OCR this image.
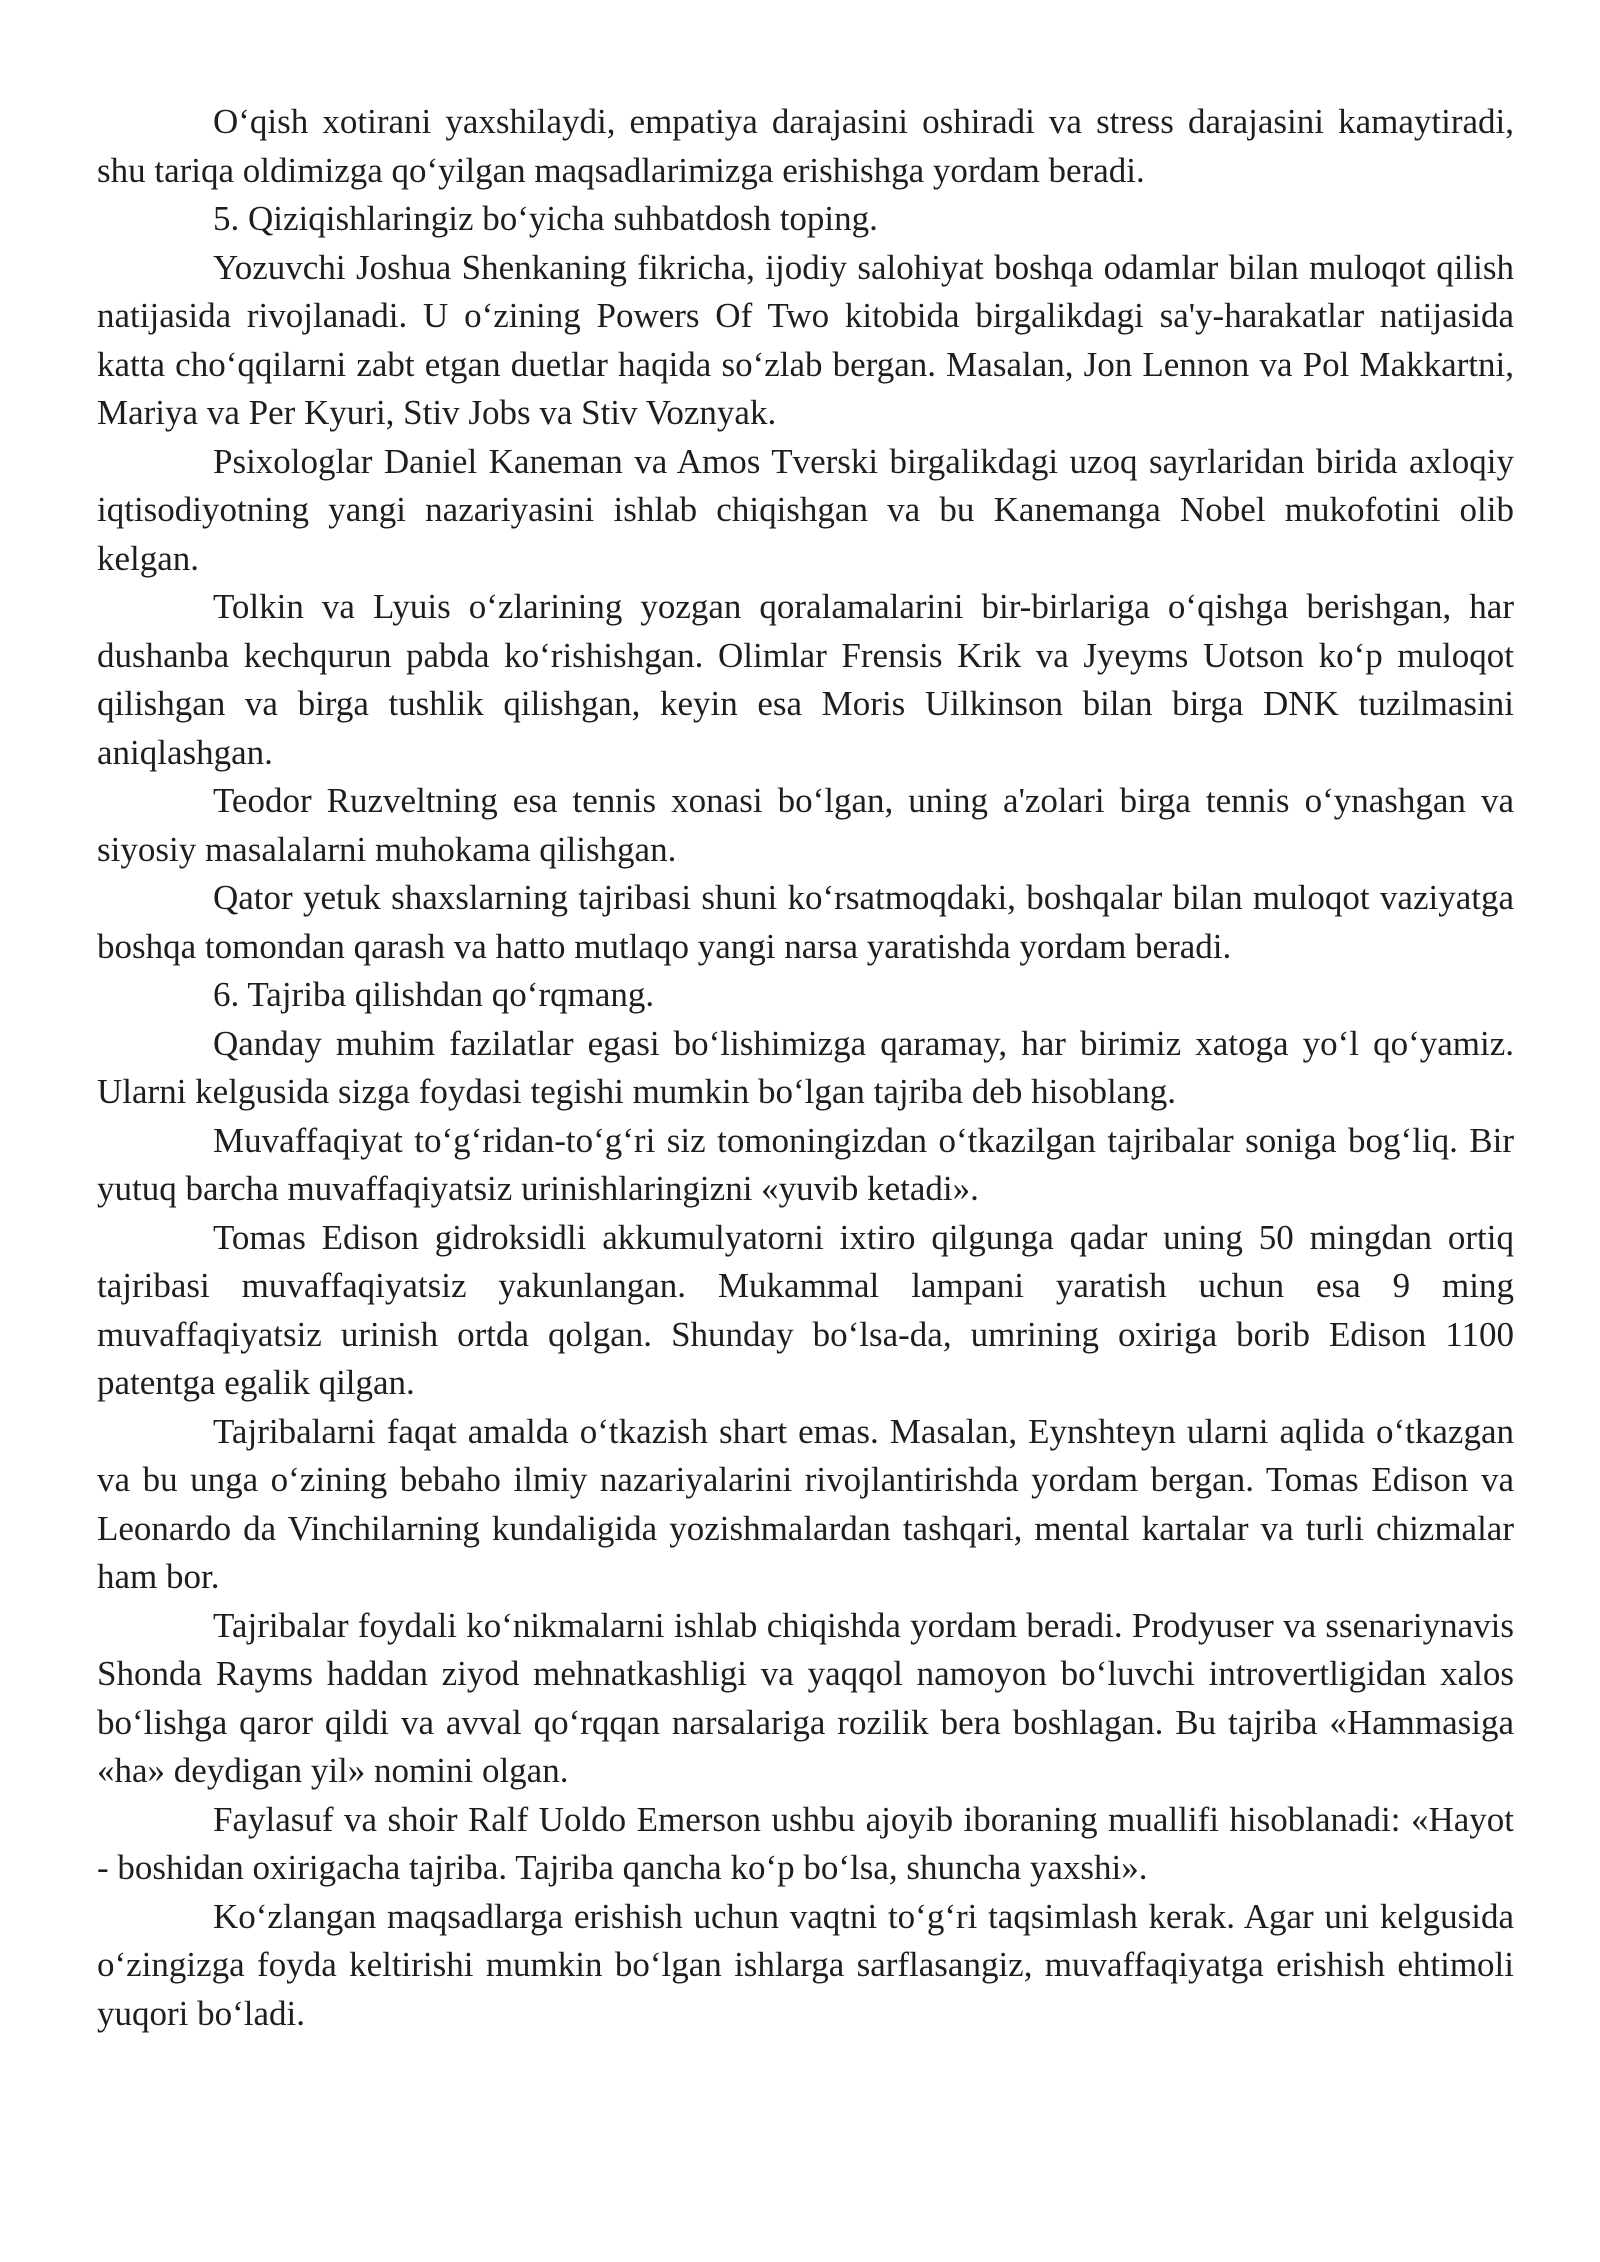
O‘qish xotirani yaxshilaydi, empatiya darajasini oshiradi va stress darajasini kamaytiradi, shu tariqa oldimizga qo‘yilgan maqsadlarimizga erishishga yordam beradi.

5. Qiziqishlaringiz bo‘yicha suhbatdosh toping.

Yozuvchi Joshua Shenkaning fikricha, ijodiy salohiyat boshqa odamlar bilan muloqot qilish natijasida rivojlanadi. U o‘zining Powers Of Two kitobida birgalikdagi sa'y-harakatlar natijasida katta cho‘qqilarni zabt etgan duetlar haqida so‘zlab bergan. Masalan, Jon Lennon va Pol Makkartni, Mariya va Per Kyuri, Stiv Jobs va Stiv Voznyak.

Psixologlar Daniel Kaneman va Amos Tverski birgalikdagi uzoq sayrlaridan birida axloqiy iqtisodiyotning yangi nazariyasini ishlab chiqishgan va bu Kanemanga Nobel mukofotini olib kelgan.

Tolkin va Lyuis o‘zlarining yozgan qoralamalarini bir-birlariga o‘qishga berishgan, har dushanba kechqurun pabda ko‘rishishgan. Olimlar Frensis Krik va Jyeyms Uotson ko‘p muloqot qilishgan va birga tushlik qilishgan, keyin esa Moris Uilkinson bilan birga DNK tuzilmasini aniqlashgan.

Teodor Ruzveltning esa tennis xonasi bo‘lgan, uning a'zolari birga tennis o‘ynashgan va siyosiy masalalarni muhokama qilishgan.

Qator yetuk shaxslarning tajribasi shuni ko‘rsatmoqdaki, boshqalar bilan muloqot vaziyatga boshqa tomondan qarash va hatto mutlaqo yangi narsa yaratishda yordam beradi.

6. Tajriba qilishdan qo‘rqmang.

Qanday muhim fazilatlar egasi bo‘lishimizga qaramay, har birimiz xatoga yo‘l qo‘yamiz. Ularni kelgusida sizga foydasi tegishi mumkin bo‘lgan tajriba deb hisoblang.

Muvaffaqiyat to‘g‘ridan-to‘g‘ri siz tomoningizdan o‘tkazilgan tajribalar soniga bog‘liq. Bir yutuq barcha muvaffaqiyatsiz urinishlaringizni «yuvib ketadi».

Tomas Edison gidroksidli akkumulyatorni ixtiro qilgunga qadar uning 50 mingdan ortiq tajribasi muvaffaqiyatsiz yakunlangan. Mukammal lampani yaratish uchun esa 9 ming muvaffaqiyatsiz urinish ortda qolgan. Shunday bo‘lsa-da, umrining oxiriga borib Edison 1100 patentga egalik qilgan.

Tajribalarni faqat amalda o‘tkazish shart emas. Masalan, Eynshteyn ularni aqlida o‘tkazgan va bu unga o‘zining bebaho ilmiy nazariyalarini rivojlantirishda yordam bergan. Tomas Edison va Leonardo da Vinchilarning kundaligida yozishmalardan tashqari, mental kartalar va turli chizmalar ham bor.

Tajribalar foydali ko‘nikmalarni ishlab chiqishda yordam beradi. Prodyuser va ssenariynavis Shonda Rayms haddan ziyod mehnatkashligi va yaqqol namoyon bo‘luvchi introvertligidan xalos bo‘lishga qaror qildi va avval qo‘rqqan narsalariga rozilik bera boshlagan. Bu tajriba «Hammasiga «ha» deydigan yil» nomini olgan.

Faylasuf va shoir Ralf Uoldo Emerson ushbu ajoyib iboraning muallifi hisoblanadi: «Hayot - boshidan oxirigacha tajriba. Tajriba qancha ko‘p bo‘lsa, shuncha yaxshi».

Ko‘zlangan maqsadlarga erishish uchun vaqtni to‘g‘ri taqsimlash kerak. Agar uni kelgusida o‘zingizga foyda keltirishi mumkin bo‘lgan ishlarga sarflasangiz, muvaffaqiyatga erishish ehtimoli yuqori bo‘ladi.
